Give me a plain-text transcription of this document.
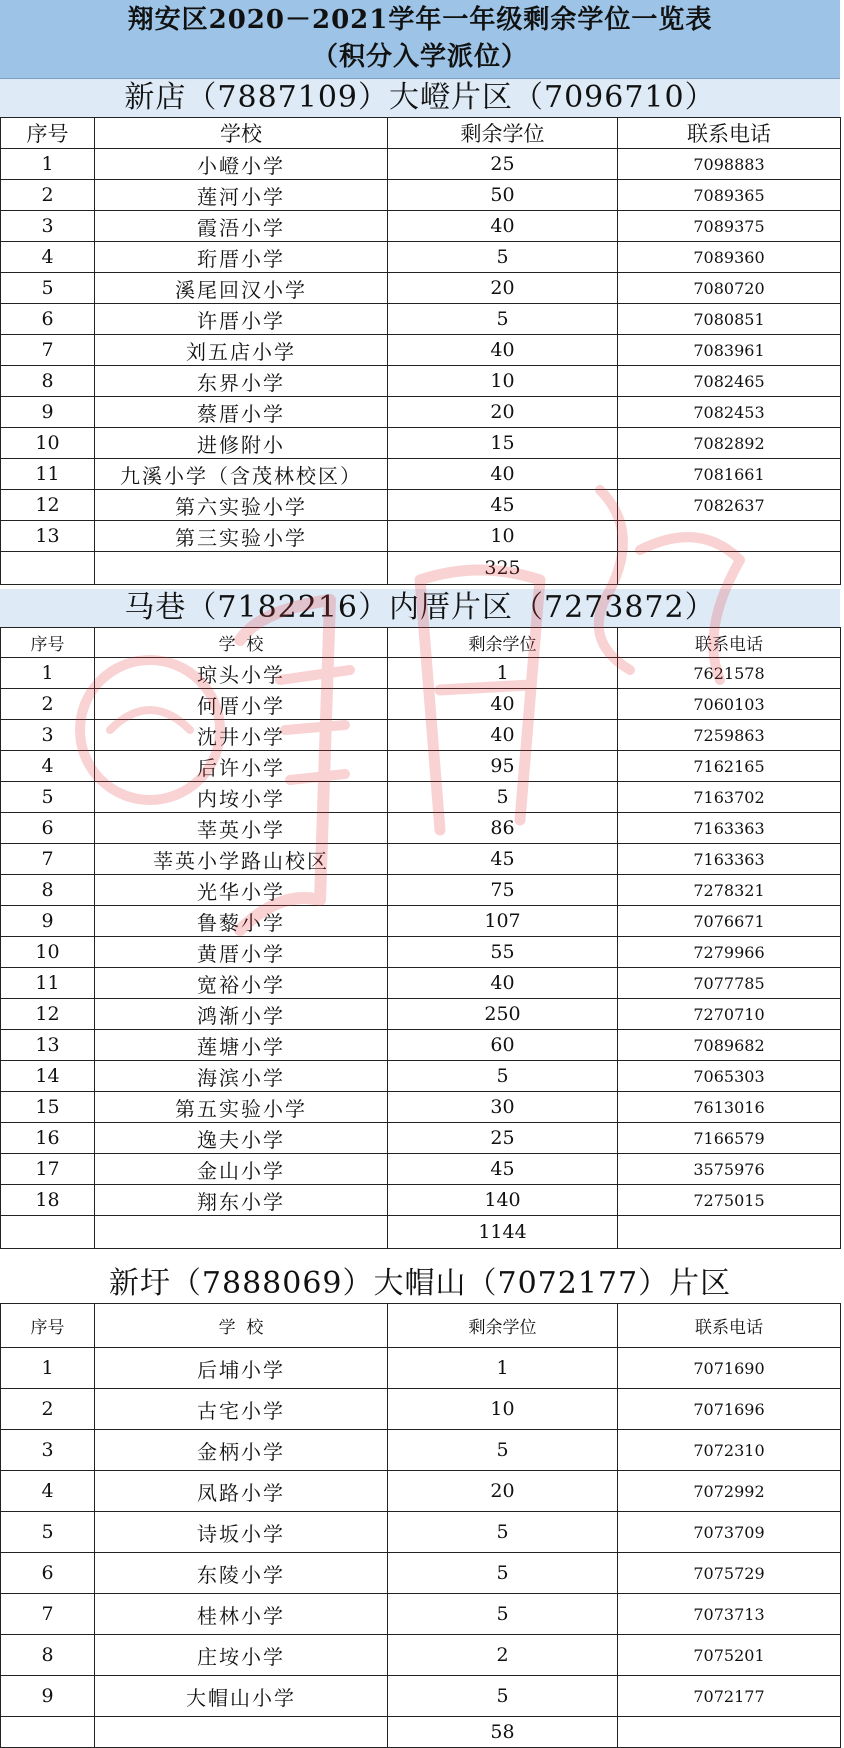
翔安区2020－2021学年一年级剩余学位一览表
（积分入学派位）
新店（7887109）大嶝片区（7096710）
序号	学校	剩余学位	联系电话
1	小嶝小学	25	7098883
2	莲河小学	50	7089365
3	霞浯小学	40	7089375
4	珩厝小学	5	7089360
5	溪尾回汉小学	20	7080720
6	许厝小学	5	7080851
7	刘五店小学	40	7083961
8	东界小学	10	7082465
9	蔡厝小学	20	7082453
10	进修附小	15	7082892
11	九溪小学（含茂林校区）	40	7081661
12	第六实验小学	45	7082637
13	第三实验小学	10	
		325	
马巷（7182216）内厝片区（7273872）
序号	学  校	剩余学位	联系电话
1	琼头小学	1	7621578
2	何厝小学	40	7060103
3	沈井小学	40	7259863
4	后许小学	95	7162165
5	内垵小学	5	7163702
6	莘英小学	86	7163363
7	莘英小学路山校区	45	7163363
8	光华小学	75	7278321
9	鲁藜小学	107	7076671
10	黄厝小学	55	7279966
11	宽裕小学	40	7077785
12	鸿渐小学	250	7270710
13	莲塘小学	60	7089682
14	海滨小学	5	7065303
15	第五实验小学	30	7613016
16	逸夫小学	25	7166579
17	金山小学	45	3575976
18	翔东小学	140	7275015
		1144	
新圩（7888069）大帽山（7072177）片区
序号	学  校	剩余学位	联系电话
1	后埔小学	1	7071690
2	古宅小学	10	7071696
3	金柄小学	5	7072310
4	凤路小学	20	7072992
5	诗坂小学	5	7073709
6	东陵小学	5	7075729
7	桂林小学	5	7073713
8	庄垵小学	2	7075201
9	大帽山小学	5	7072177
		58	
